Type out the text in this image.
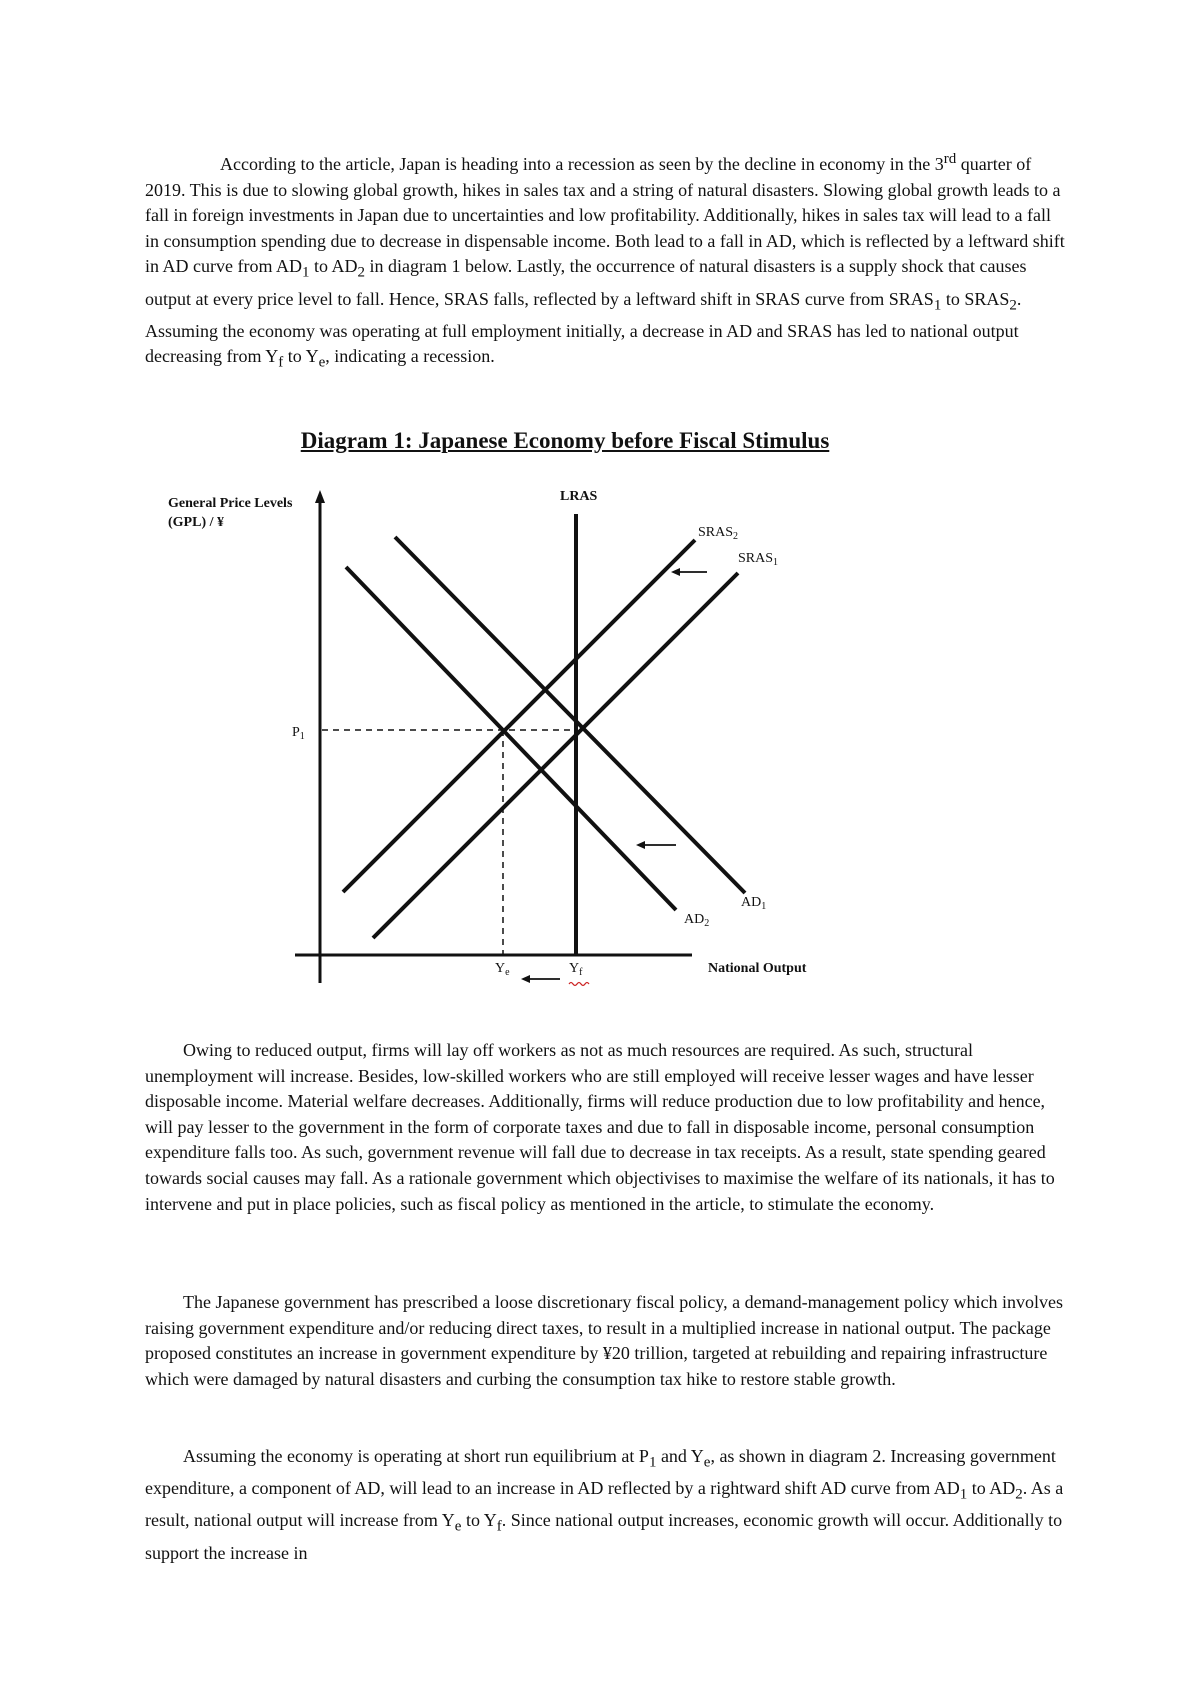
According to the article, Japan is heading into a recession as seen by the decline in economy in the 3rd quarter of 2019. This is due to slowing global growth, hikes in sales tax and a string of natural disasters. Slowing global growth leads to a fall in foreign investments in Japan due to uncertainties and low profitability. Additionally, hikes in sales tax will lead to a fall in consumption spending due to decrease in dispensable income. Both lead to a fall in AD, which is reflected by a leftward shift in AD curve from $AD_1$ to $AD_2$ in diagram 1 below. Lastly, the occurrence of natural disasters is a supply shock that causes output at every price level to fall. Hence, SRAS falls, reflected by a leftward shift in SRAS curve from $SRAS_1$ to $SRAS_2$. Assuming the economy was operating at full employment initially, a decrease in AD and SRAS has led to national output decreasing from $Y_f$ to $Y_e$, indicating a recession.

Diagram 1: Japanese Economy before Fiscal Stimulus
General Price Levels
(GPL) / ¥
National Output
LRAS
$SRAS_2$
$SRAS_1$
$AD_1$
$AD_2$
$P_1$
$Y_e$	$Y_f$

Owing to reduced output, firms will lay off workers as not as much resources are required. As such, structural unemployment will increase. Besides, low-skilled workers who are still employed will receive lesser wages and have lesser disposable income. Material welfare decreases. Additionally, firms will reduce production due to low profitability and hence, will pay lesser to the government in the form of corporate taxes and due to fall in disposable income, personal consumption expenditure falls too. As such, government revenue will fall due to decrease in tax receipts. As a result, state spending geared towards social causes may fall. As a rationale government which objectivises to maximise the welfare of its nationals, it has to intervene and put in place policies, such as fiscal policy as mentioned in the article, to stimulate the economy.

The Japanese government has prescribed a loose discretionary fiscal policy, a demand-management policy which involves raising government expenditure and/or reducing direct taxes, to result in a multiplied increase in national output. The package proposed constitutes an increase in government expenditure by ¥20 trillion, targeted at rebuilding and repairing infrastructure which were damaged by natural disasters and curbing the consumption tax hike to restore stable growth.

Assuming the economy is operating at short run equilibrium at $P_1$ and $Y_e$, as shown in diagram 2. Increasing government expenditure, a component of AD, will lead to an increase in AD reflected by a rightward shift AD curve from $AD_1$ to $AD_2$. As a result, national output will increase from $Y_e$ to $Y_f$. Since national output increases, economic growth will occur. Additionally to support the increase in
